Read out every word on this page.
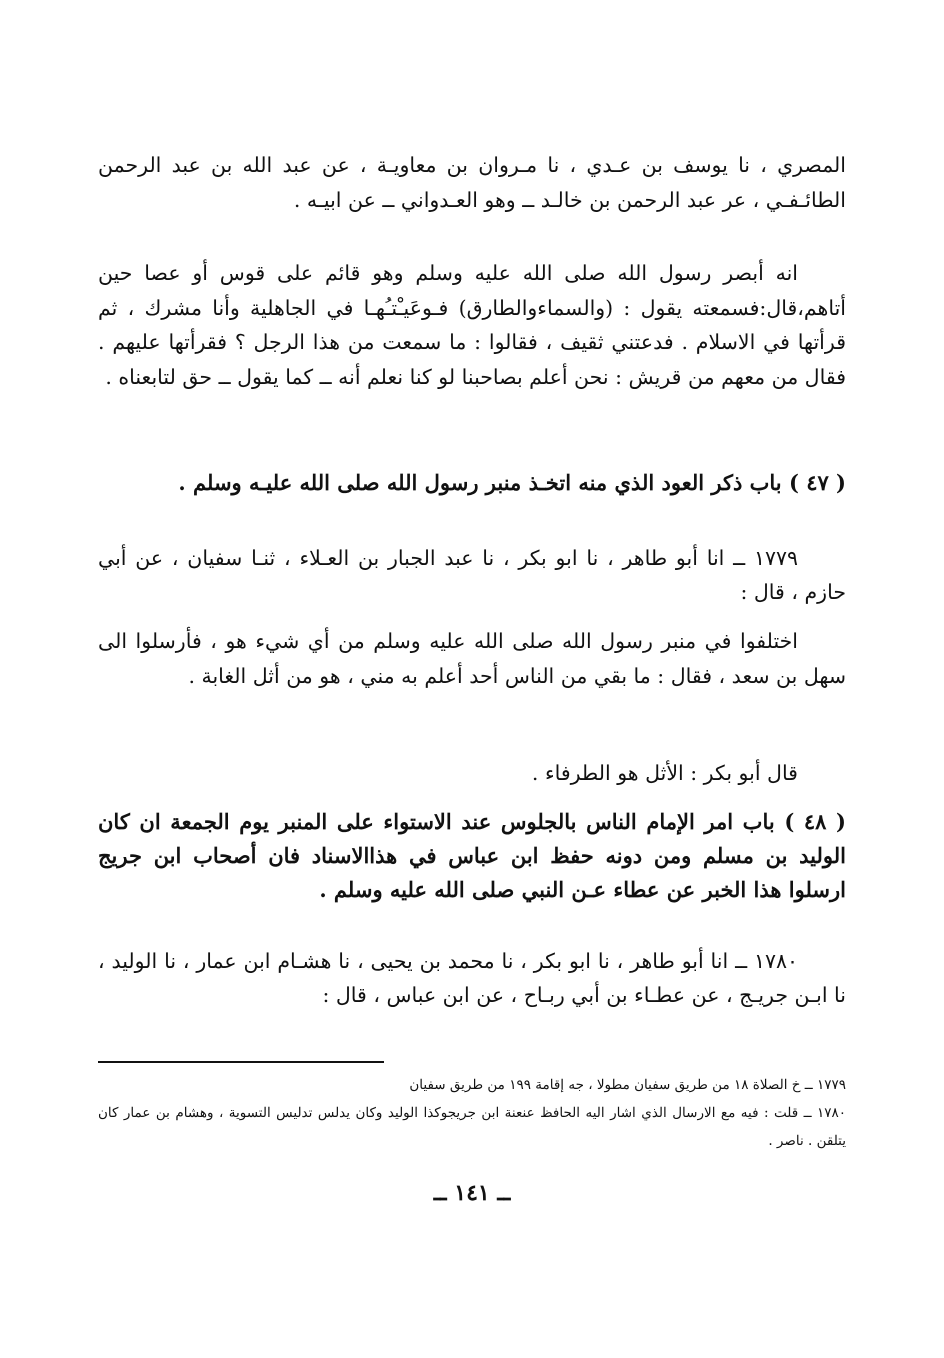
المصري ، نا يوسف بن عـدي ، نا مـروان بن معاويـة ، عن عبد الله بن عبد الرحمن الطائـفـي ، عر عبد الرحمن بن خالـد ــ وهو العـدواني ــ عن ابيـه .

انه أبصر رسول الله صلى الله عليه وسلم وهو قائم على قوس أو عصا حين أتاهم،قال:فسمعته يقول : (والسماءوالطارق) فـوعَيـْتـُهـا في الجاهلية وأنا مشرك ، ثم قرأتها في الاسلام . فدعتني ثقيف ، فقالوا : ما سمعت من هذا الرجل ؟ فقرأتها عليهم . فقال من معهم من قريش : نحن أعلم بصاحبنا لو كنا نعلم أنه ــ كما يقول ــ حق لتابعناه .

( ٤٧ ) باب ذكر العود الذي منه اتخـذ منبر رسول الله صلى الله عليـه وسلم .

١٧٧٩ ــ انا أبو طاهر ، نا ابو بكر ، نا عبد الجبار بن العـلاء ، ثنـا سفيان ، عن أبي حازم ، قال :

اختلفوا في منبر رسول الله صلى الله عليه وسلم من أي شيء هو ، فأرسلوا الى سهل بن سعد ، فقال : ما بقي من الناس أحد أعلم به مني ، هو من أثل الغابة .

قال أبو بكر : الأثل هو الطرفاء .

( ٤٨ ) باب امر الإمام الناس بالجلوس عند الاستواء على المنبر يوم الجمعة ان كان الوليد بن مسلم ومن دونه حفظ ابن عباس في هذاالاسناد فان أصحاب ابن جريج ارسلوا هذا الخبر عن عطاء عـن النبي صلى الله عليه وسلم .

١٧٨٠ ــ انا أبو طاهر ، نا ابو بكر ، نا محمد بن يحيى ، نا هشـام ابن عمار ، نا الوليد ، نا ابـن جريـج ، عن عطـاء بن أبي ربـاح ، عن ابن عباس ، قال :

١٧٧٩ ــ خ الصلاة ١٨ من طريق سفيان مطولا ، جه إقامة ١٩٩ من طريق سفيان

١٧٨٠ ــ قلت : فيه مع الارسال الذي اشار اليه الحافظ عنعنة ابن جريجوكذا الوليد وكان يدلس تدليس التسوية ، وهشام بن عمار كان يتلقن . ناصر .

ــ ١٤١ ــ
